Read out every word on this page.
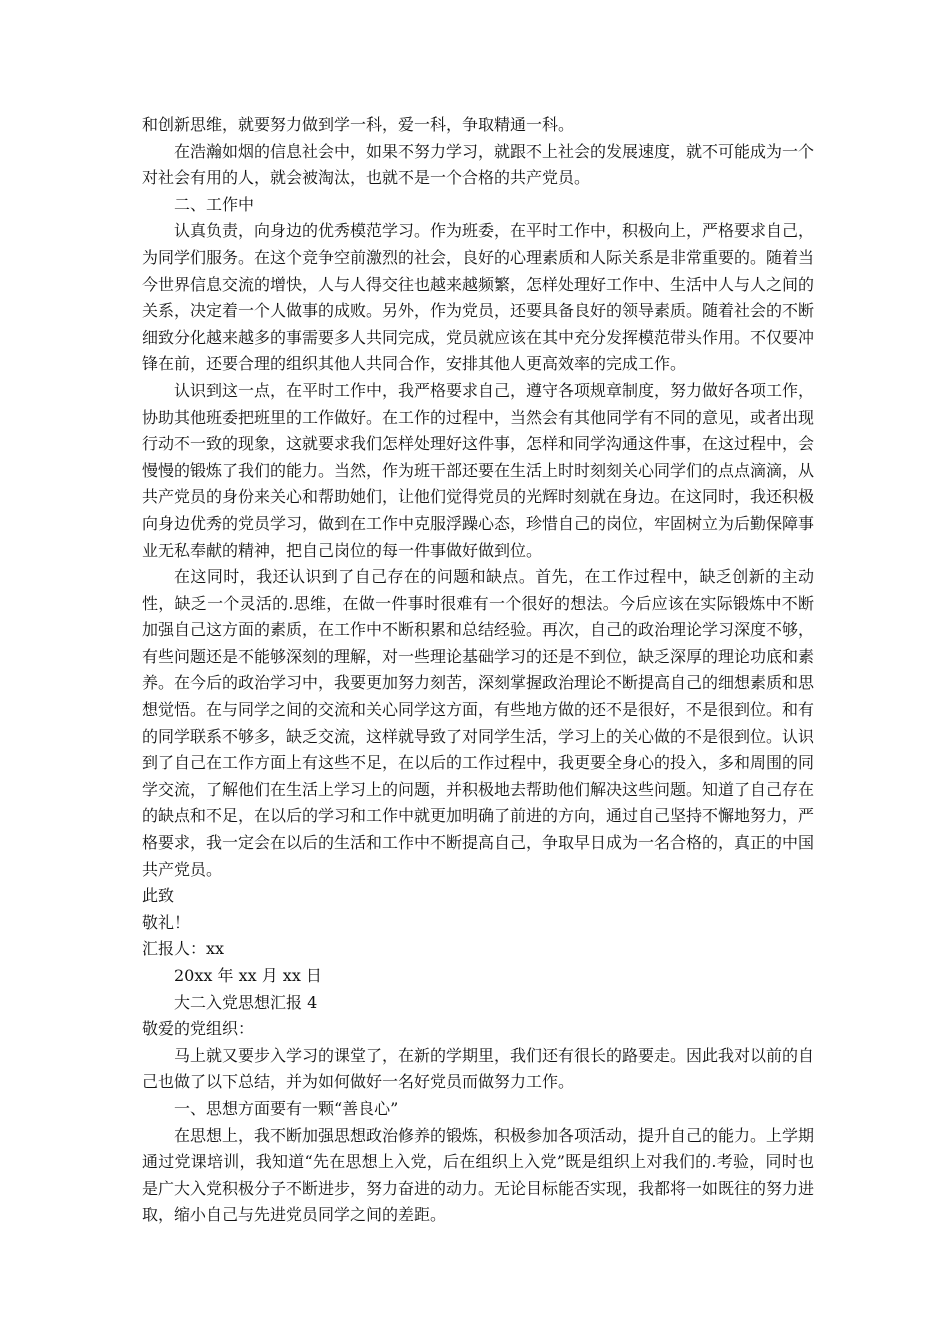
和创新思维，就要努力做到学一科，爱一科，争取精通一科。

在浩瀚如烟的信息社会中，如果不努力学习，就跟不上社会的发展速度，就不可能成为一个对社会有用的人，就会被淘汰，也就不是一个合格的共产党员。

二、工作中

认真负责，向身边的优秀模范学习。作为班委，在平时工作中，积极向上，严格要求自己，为同学们服务。在这个竞争空前激烈的社会，良好的心理素质和人际关系是非常重要的。随着当今世界信息交流的增快，人与人得交往也越来越频繁，怎样处理好工作中、生活中人与人之间的关系，决定着一个人做事的成败。另外，作为党员，还要具备良好的领导素质。随着社会的不断细致分化越来越多的事需要多人共同完成，党员就应该在其中充分发挥模范带头作用。不仅要冲锋在前，还要合理的组织其他人共同合作，安排其他人更高效率的完成工作。

认识到这一点，在平时工作中，我严格要求自己，遵守各项规章制度，努力做好各项工作，协助其他班委把班里的工作做好。在工作的过程中，当然会有其他同学有不同的意见，或者出现行动不一致的现象，这就要求我们怎样处理好这件事，怎样和同学沟通这件事，在这过程中，会慢慢的锻炼了我们的能力。当然，作为班干部还要在生活上时时刻刻关心同学们的点点滴滴，从共产党员的身份来关心和帮助她们，让他们觉得党员的光辉时刻就在身边。在这同时，我还积极向身边优秀的党员学习，做到在工作中克服浮躁心态，珍惜自己的岗位，牢固树立为后勤保障事业无私奉献的精神，把自己岗位的每一件事做好做到位。

在这同时，我还认识到了自己存在的问题和缺点。首先，在工作过程中，缺乏创新的主动性，缺乏一个灵活的.思维，在做一件事时很难有一个很好的想法。今后应该在实际锻炼中不断加强自己这方面的素质，在工作中不断积累和总结经验。再次，自己的政治理论学习深度不够，有些问题还是不能够深刻的理解，对一些理论基础学习的还是不到位，缺乏深厚的理论功底和素养。在今后的政治学习中，我要更加努力刻苦，深刻掌握政治理论不断提高自己的细想素质和思想觉悟。在与同学之间的交流和关心同学这方面，有些地方做的还不是很好，不是很到位。和有的同学联系不够多，缺乏交流，这样就导致了对同学生活，学习上的关心做的不是很到位。认识到了自己在工作方面上有这些不足，在以后的工作过程中，我更要全身心的投入，多和周围的同学交流，了解他们在生活上学习上的问题，并积极地去帮助他们解决这些问题。知道了自己存在的缺点和不足，在以后的学习和工作中就更加明确了前进的方向，通过自己坚持不懈地努力，严格要求，我一定会在以后的生活和工作中不断提高自己，争取早日成为一名合格的，真正的中国共产党员。

此致

敬礼！

汇报人：xx

20xx 年 xx 月 xx 日

大二入党思想汇报 4

敬爱的党组织：

马上就又要步入学习的课堂了，在新的学期里，我们还有很长的路要走。因此我对以前的自己也做了以下总结，并为如何做好一名好党员而做努力工作。

一、思想方面要有一颗“善良心”

在思想上，我不断加强思想政治修养的锻炼，积极参加各项活动，提升自己的能力。上学期通过党课培训，我知道“先在思想上入党，后在组织上入党”既是组织上对我们的.考验，同时也是广大入党积极分子不断进步，努力奋进的动力。无论目标能否实现，我都将一如既往的努力进取，缩小自己与先进党员同学之间的差距。
